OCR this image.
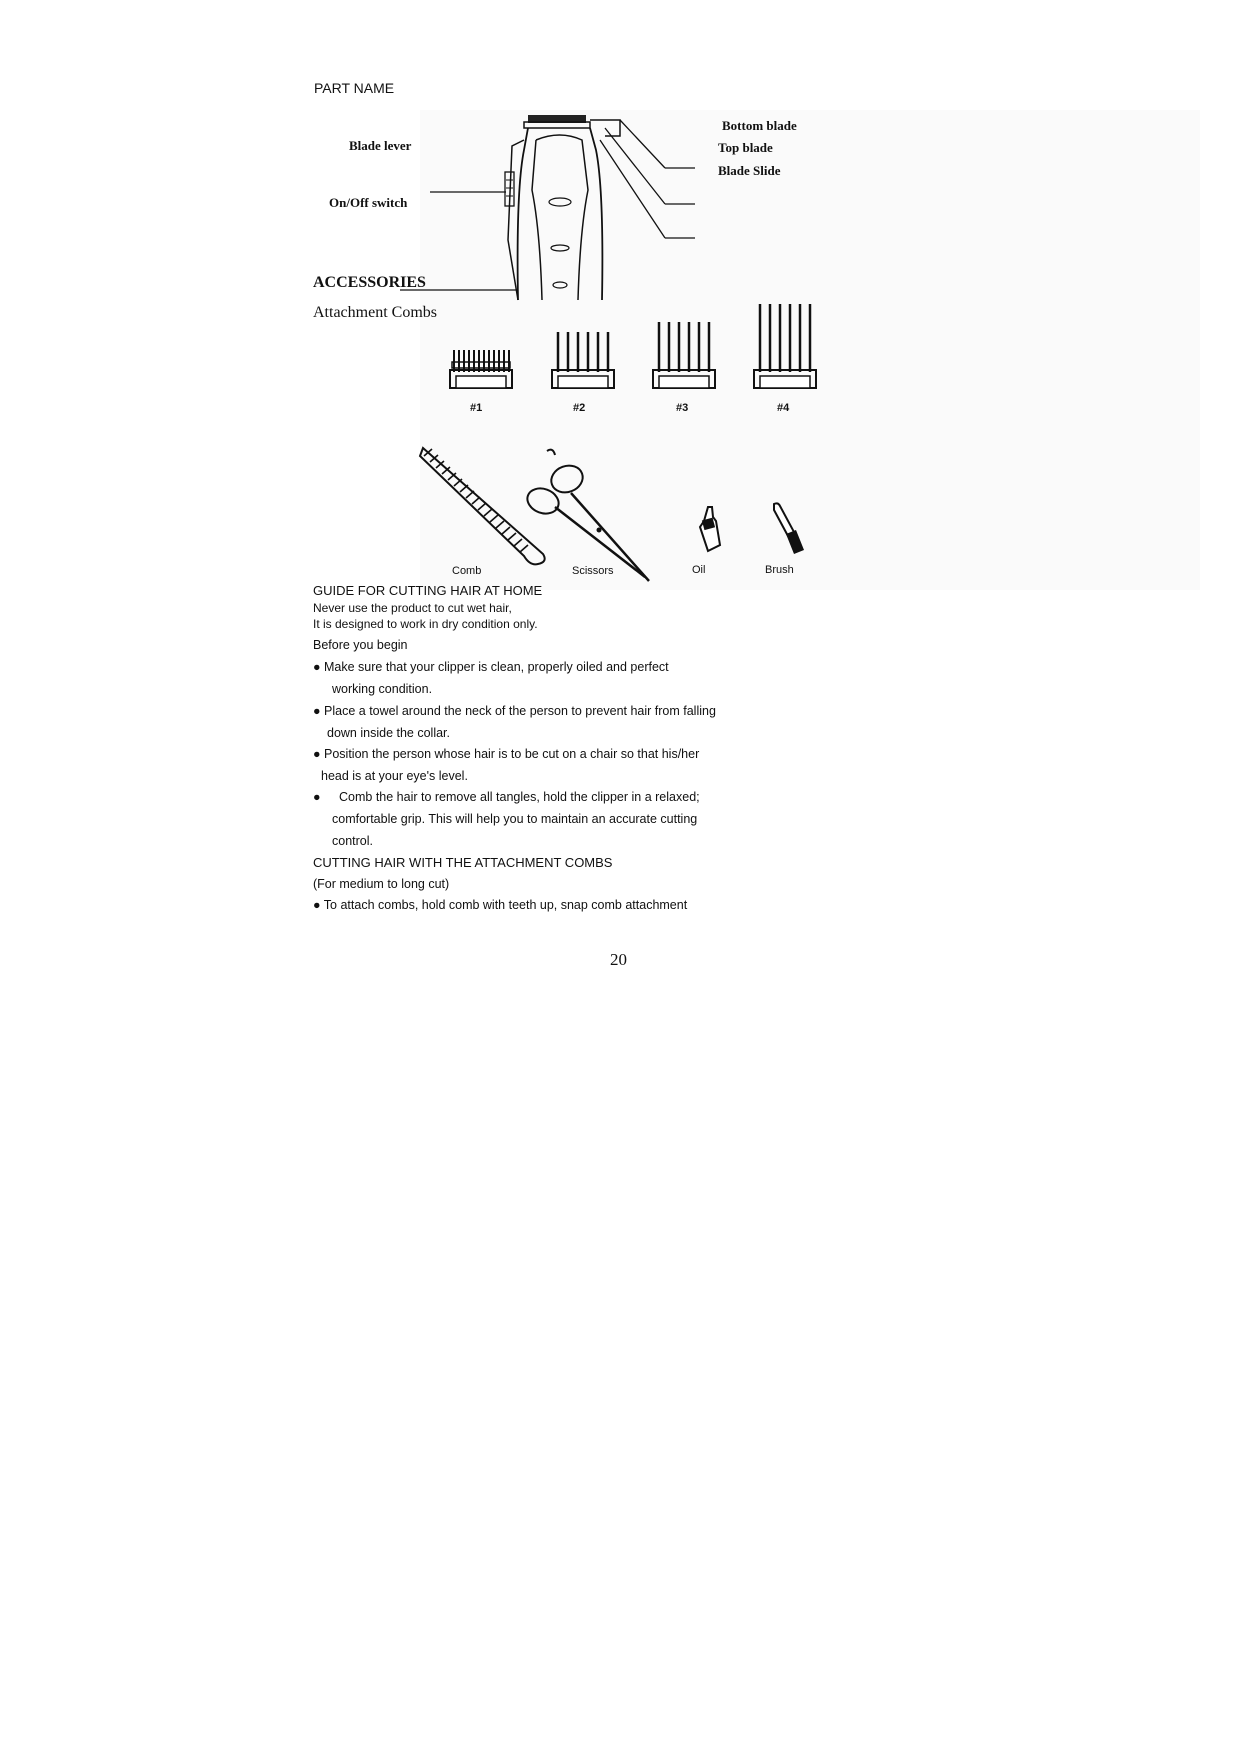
PART NAME
Blade lever
On/Off switch
Bottom blade
Top blade
Blade Slide
ACCESSORIES
Attachment Combs
#1	#2	#3	#4
Comb	Scissors	Oil	Brush
GUIDE FOR CUTTING HAIR AT HOME
Never use the product to cut wet hair,
It is designed to work in dry condition only.
Before you begin
● Make sure that your clipper is clean, properly oiled and perfect
working condition.
● Place a towel around the neck of the person to prevent hair from falling
down inside the collar.
● Position the person whose hair is to be cut on a chair so that his/her
head is at your eye's level.
● Comb the hair to remove all tangles, hold the clipper in a relaxed;
comfortable grip. This will help you to maintain an accurate cutting
control.
CUTTING HAIR WITH THE ATTACHMENT COMBS
(For medium to long cut)
● To attach combs, hold comb with teeth up, snap comb attachment
20
